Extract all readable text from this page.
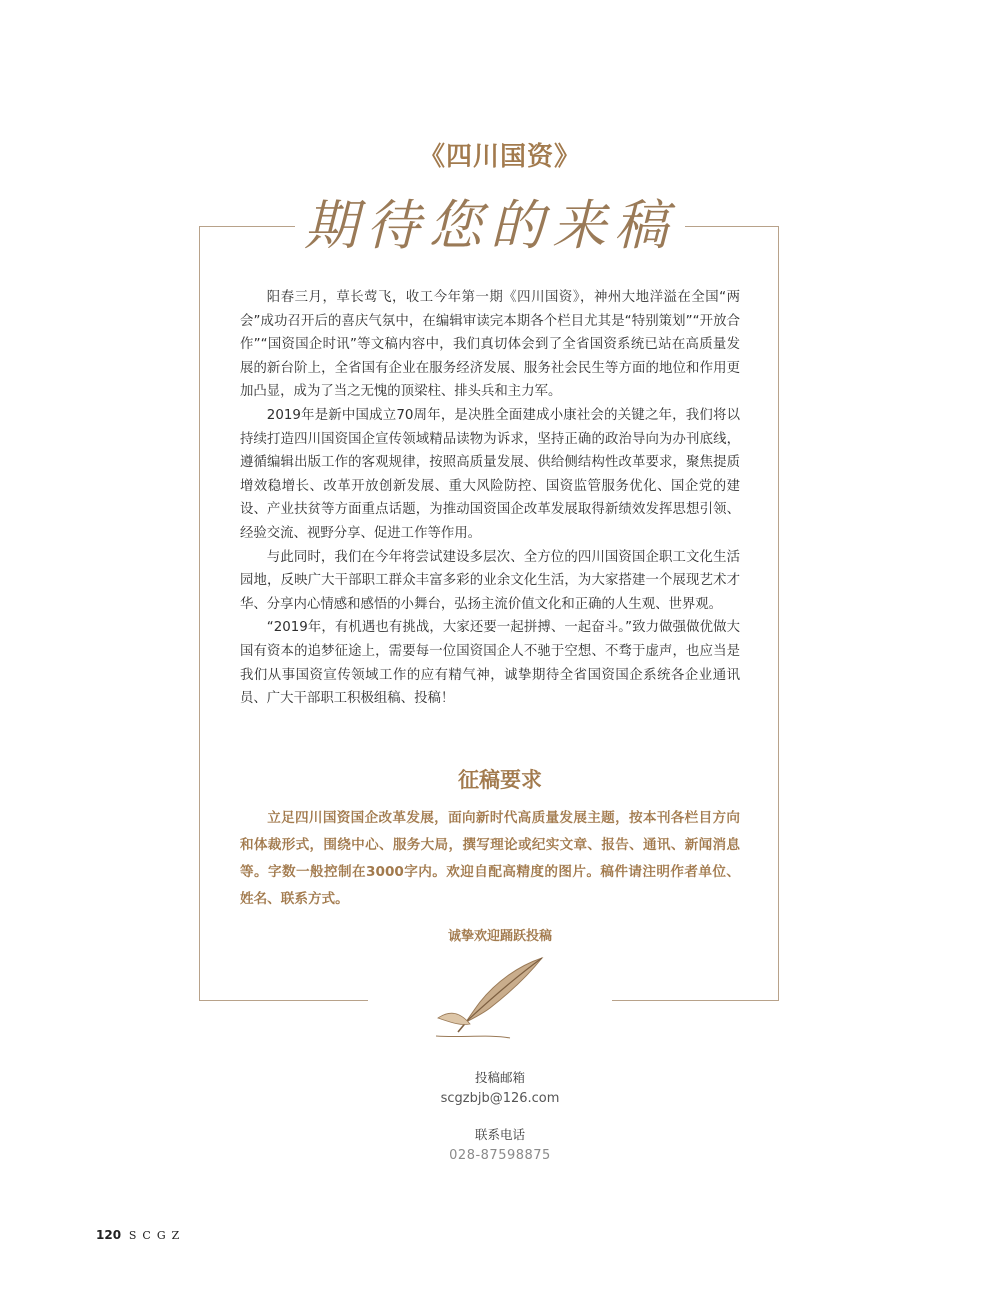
《四川国资》
期待您的来稿

阳春三月，草长莺飞，收工今年第一期《四川国资》，神州大地洋溢在全国“两会”成功召开后的喜庆气氛中，在编辑审读完本期各个栏目尤其是“特别策划”“开放合作”“国资国企时讯”等文稿内容中，我们真切体会到了全省国资系统已站在高质量发展的新台阶上，全省国有企业在服务经济发展、服务社会民生等方面的地位和作用更加凸显，成为了当之无愧的顶梁柱、排头兵和主力军。

2019年是新中国成立70周年，是决胜全面建成小康社会的关键之年，我们将以持续打造四川国资国企宣传领域精品读物为诉求，坚持正确的政治导向为办刊底线，遵循编辑出版工作的客观规律，按照高质量发展、供给侧结构性改革要求，聚焦提质增效稳增长、改革开放创新发展、重大风险防控、国资监管服务优化、国企党的建设、产业扶贫等方面重点话题，为推动国资国企改革发展取得新绩效发挥思想引领、经验交流、视野分享、促进工作等作用。

与此同时，我们在今年将尝试建设多层次、全方位的四川国资国企职工文化生活园地，反映广大干部职工群众丰富多彩的业余文化生活，为大家搭建一个展现艺术才华、分享内心情感和感悟的小舞台，弘扬主流价值文化和正确的人生观、世界观。

“2019年，有机遇也有挑战，大家还要一起拼搏、一起奋斗。”致力做强做优做大国有资本的追梦征途上，需要每一位国资国企人不驰于空想、不骛于虚声，也应当是我们从事国资宣传领域工作的应有精气神，诚挚期待全省国资国企系统各企业通讯员、广大干部职工积极组稿、投稿！

征稿要求
立足四川国资国企改革发展，面向新时代高质量发展主题，按本刊各栏目方向和体裁形式，围绕中心、服务大局，撰写理论或纪实文章、报告、通讯、新闻消息等。字数一般控制在3000字内。欢迎自配高精度的图片。稿件请注明作者单位、姓名、联系方式。
诚挚欢迎踊跃投稿
投稿邮箱
scgzbjb@126.com
联系电话
028-87598875
120 SCGZ
